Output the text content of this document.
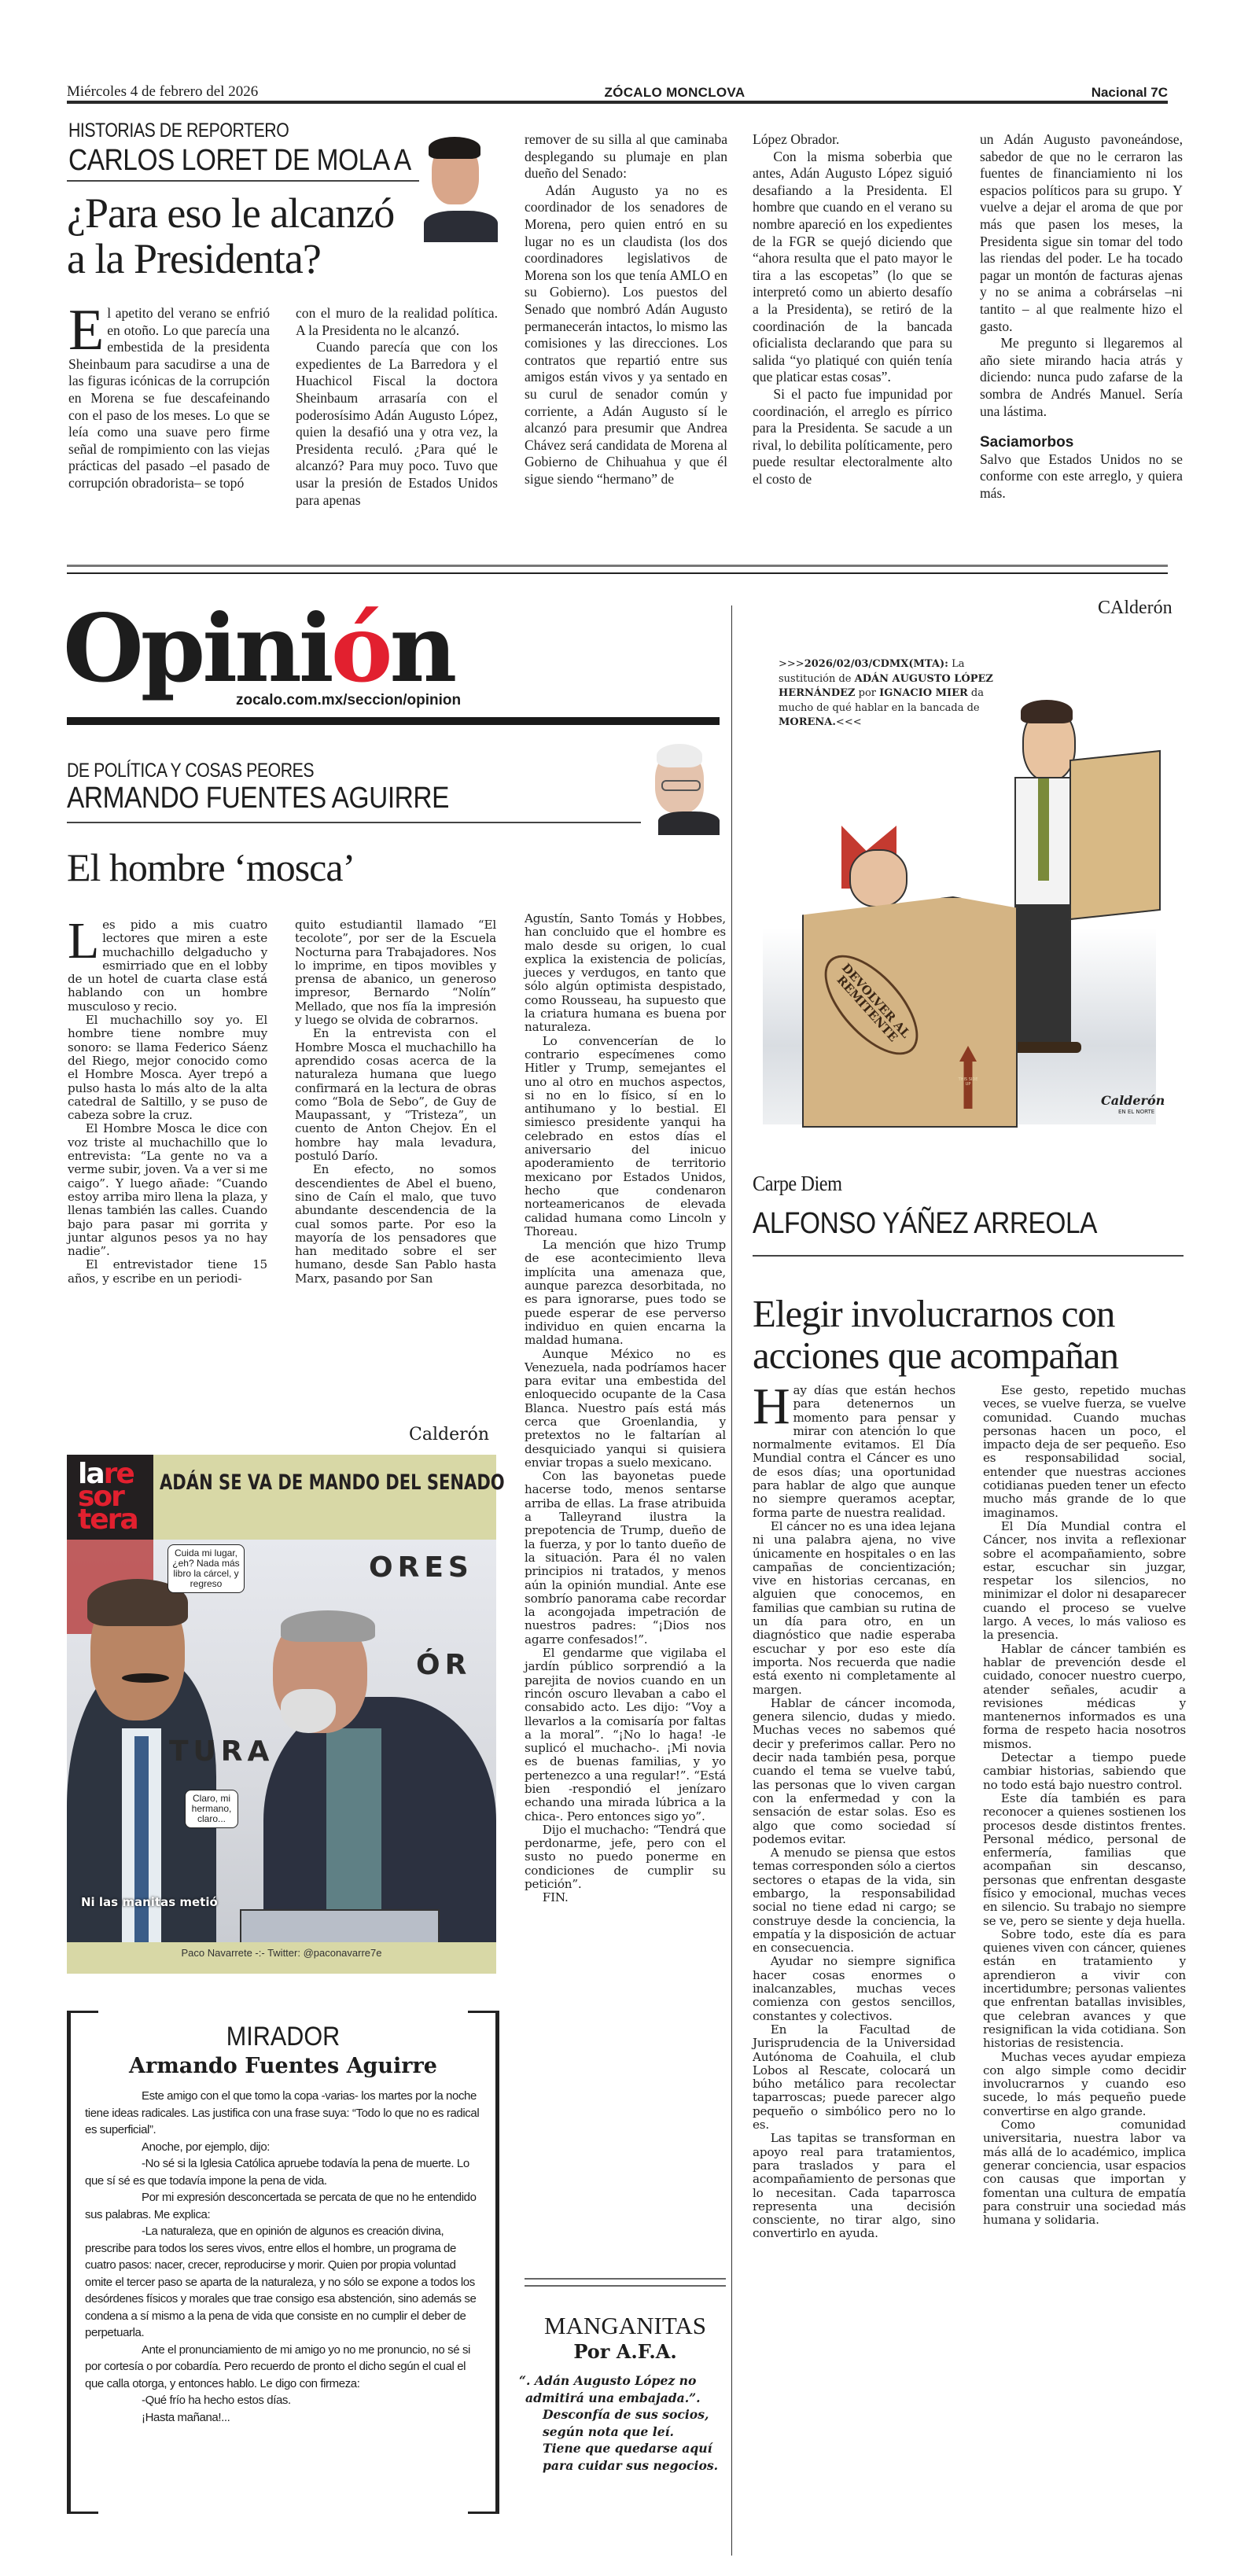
Miércoles 4 de febrero del 2026	ZÓCALO MONCLOVA	Nacional 7C
HISTORIAS DE REPORTERO
CARLOS LORET DE MOLA A
¿Para eso le alcanzó
a la Presidenta?

El apetito del verano se enfrió en otoño. Lo que parecía una embestida de la presidenta Sheinbaum para sacudirse a una de las figuras icónicas de la corrupción en Morena se fue descafeinando con el paso de los meses. Lo que se leía como una suave pero firme señal de rompimiento con las viejas prácticas del pasado –el pasado de corrupción obradorista– se topó

con el muro de la realidad política. A la Presidenta no le alcanzó.

Cuando parecía que con los expedientes de La Barredora y el Huachicol Fiscal la doctora Sheinbaum arrasaría con el poderosísimo Adán Augusto López, quien la desafió una y otra vez, la Presidenta reculó. ¿Para qué le alcanzó? Para muy poco. Tuvo que usar la presión de Estados Unidos para apenas

remover de su silla al que caminaba desplegando su plumaje en plan dueño del Senado:

Adán Augusto ya no es coordinador de los senadores de Morena, pero quien entró en su lugar no es un claudista (los dos coordinadores legislativos de Morena son los que tenía AMLO en su Gobierno). Los puestos del Senado que nombró Adán Augusto permanecerán intactos, lo mismo las comisiones y las direcciones. Los contratos que repartió entre sus amigos están vivos y ya sentado en su curul de senador común y corriente, a Adán Augusto sí le alcanzó para presumir que Andrea Chávez será candidata de Morena al Gobierno de Chihuahua y que él sigue siendo “hermano” de

López Obrador.

Con la misma soberbia que antes, Adán Augusto López siguió desafiando a la Presidenta. El hombre que cuando en el verano su nombre apareció en los expedientes de la FGR se quejó diciendo que “ahora resulta que el pato mayor le tira a las escopetas” (lo que se interpretó como un abierto desafío a la Presidenta), se retiró de la coordinación de la bancada oficialista declarando que para su salida “yo platiqué con quién tenía que platicar estas cosas”.

Si el pacto fue impunidad por coordinación, el arreglo es pírrico para la Presidenta. Se sacude a un rival, lo debilita políticamente, pero puede resultar electoralmente alto el costo de

un Adán Augusto pavoneándose, sabedor de que no le cerraron las fuentes de financiamiento ni los espacios políticos para su grupo. Y vuelve a dejar el aroma de que por más que pasen los meses, la Presidenta sigue sin tomar del todo las riendas del poder. Le ha tocado pagar un montón de facturas ajenas y no se anima a cobrárselas –ni tantito – al que realmente hizo el gasto.

Me pregunto si llegaremos al año siete mirando hacia atrás y diciendo: nunca pudo zafarse de la sombra de Andrés Manuel. Sería una lástima.

Saciamorbos

Salvo que Estados Unidos no se conforme con este arreglo, y quiera más.

Opinión
zocalo.com.mx/seccion/opinion
DE POLÍTICA Y COSAS PEORES
ARMANDO FUENTES AGUIRRE
El hombre ‘mosca’

Les pido a mis cuatro lectores que miren a este muchachillo delgaducho y esmirriado que en el lobby de un hotel de cuarta clase está hablando con un hombre musculoso y recio.

El muchachillo soy yo. El hombre tiene nombre muy sonoro: se llama Federico Sáenz del Riego, mejor conocido como el Hombre Mosca. Ayer trepó a pulso hasta lo más alto de la alta catedral de Saltillo, y se puso de cabeza sobre la cruz.

El Hombre Mosca le dice con voz triste al muchachillo que lo entrevista: “La gente no va a verme subir, joven. Va a ver si me caigo”. Y luego añade: “Cuando estoy arriba miro llena la plaza, y llenas también las calles. Cuando bajo para pasar mi gorrita y juntar algunos pesos ya no hay nadie”.

El entrevistador tiene 15 años, y escribe en un periodi-

quito estudiantil llamado “El tecolote”, por ser de la Escuela Nocturna para Trabajadores. Nos lo imprime, en tipos movibles y prensa de abanico, un generoso impresor, Bernardo “Nolín” Mellado, que nos fía la impresión y luego se olvida de cobrarnos.

En la entrevista con el Hombre Mosca el muchachillo ha aprendido cosas acerca de la naturaleza humana que luego confirmará en la lectura de obras como “Bola de Sebo”, de Guy de Maupassant, y “Tristeza”, un cuento de Anton Chejov. En el hombre hay mala levadura, postuló Darío.

En efecto, no somos descendientes de Abel el bueno, sino de Caín el malo, que tuvo abundante descendencia de la cual somos parte. Por eso la mayoría de los pensadores que han meditado sobre el ser humano, desde San Pablo hasta Marx, pasando por San

Agustín, Santo Tomás y Hobbes, han concluido que el hombre es malo desde su origen, lo cual explica la existencia de policías, jueces y verdugos, en tanto que sólo algún optimista despistado, como Rousseau, ha supuesto que la criatura humana es buena por naturaleza.

Lo convencerían de lo contrario especímenes como Hitler y Trump, semejantes el uno al otro en muchos aspectos, si no en lo físico, sí en lo antihumano y lo bestial. El simiesco presidente yanqui ha celebrado en estos días el aniversario del inicuo apoderamiento de territorio mexicano por Estados Unidos, hecho que condenaron norteamericanos de elevada calidad humana como Lincoln y Thoreau.

La mención que hizo Trump de ese acontecimiento lleva implícita una amenaza que, aunque parezca desorbitada, no es para ignorarse, pues todo se puede esperar de ese perverso individuo en quien encarna la maldad humana.

Aunque México no es Venezuela, nada podríamos hacer para evitar una embestida del enloquecido ocupante de la Casa Blanca. Nuestro país está más cerca que Groenlandia, y pretextos no le faltarían al desquiciado yanqui si quisiera enviar tropas a suelo mexicano.

Con las bayonetas puede hacerse todo, menos sentarse arriba de ellas. La frase atribuida a Talleyrand ilustra la prepotencia de Trump, dueño de la fuerza, y por lo tanto dueño de la situación. Para él no valen principios ni tratados, y menos aún la opinión mundial. Ante ese sombrío panorama cabe recordar la acongojada impetración de nuestros padres: “¡Dios nos agarre confesados!”.

El gendarme que vigilaba el jardín público sorprendió a la parejita de novios cuando en un rincón oscuro llevaban a cabo el consabido acto. Les dijo: “Voy a llevarlos a la comisaría por faltas a la moral”. “¡No lo haga! -le suplicó el muchacho-. ¡Mi novia es de buenas familias, y yo pertenezco a una regular!”. “Está bien -respondió el jenízaro echando una mirada lúbrica a la chica-. Pero entonces sigo yo”.

Dijo el muchacho: “Tendrá que perdonarme, jefe, pero con el susto no puedo ponerme en condiciones de cumplir su petición”.

FIN.

Calderón
lare
sor
tera
ADÁN SE VA DE MANDO DEL SENADO
ORES
TURA
ÓR
Cuida mi lugar, ¿eh? Nada más libro la cárcel, y regreso
Claro, mi hermano, claro...
Ni las manitas metió
Paco Navarrete -:- Twitter: @paconavarre7e
MIRADOR
Armando Fuentes Aguirre

Este amigo con el que tomo la copa -varias- los martes por la noche tiene ideas radicales. Las justifica con una frase suya: “Todo lo que no es radical es superficial”.

Anoche, por ejemplo, dijo:

-No sé si la Iglesia Católica apruebe todavía la pena de muerte. Lo que sí sé es que todavía impone la pena de vida.

Por mi expresión desconcertada se percata de que no he entendido sus palabras. Me explica:

-La naturaleza, que en opinión de algunos es creación divina, prescribe para todos los seres vivos, entre ellos el hombre, un programa de cuatro pasos: nacer, crecer, reproducirse y morir. Quien por propia voluntad omite el tercer paso se aparta de la naturaleza, y no sólo se expone a todos los desórdenes físicos y morales que trae consigo esa abstención, sino además se condena a sí mismo a la pena de vida que consiste en no cumplir el deber de perpetuarla.

Ante el pronunciamiento de mi amigo yo no me pronuncio, no sé si por cortesía o por cobardía. Pero recuerdo de pronto el dicho según el cual el que calla otorga, y entonces hablo. Le digo con firmeza:

-Qué frío ha hecho estos días.

¡Hasta mañana!...

MANGANITAS
Por A.F.A.

“. Adán Augusto López no admitirá una embajada.”.

Desconfía de sus socios,

según nota que leí.

Tiene que quedarse aquí

para cuidar sus negocios.

CAlderón
>>>2026/02/03/CDMX(MTA): La sustitución de ADÁN AUGUSTO LÓPEZ HERNÁNDEZ por IGNACIO MIER da mucho de qué hablar en la bancada de MORENA.<<<
DEVOLVER AL REMITENTE
THIS SIDE UP
Calderón
EN EL NORTE
Carpe Diem
ALFONSO YÁÑEZ ARREOLA
Elegir involucrarnos con
acciones que acompañan

Hay días que están hechos para detenernos un momento para pensar y mirar con atención lo que normalmente evitamos. El Día Mundial contra el Cáncer es uno de esos días; una oportunidad para hablar de algo que aunque no siempre queramos aceptar, forma parte de nuestra realidad.

El cáncer no es una idea lejana ni una palabra ajena, no vive únicamente en hospitales o en las campañas de concientización; vive en historias cercanas, en alguien que conocemos, en familias que cambian su rutina de un día para otro, en un diagnóstico que nadie esperaba escuchar y por eso este día importa. Nos recuerda que nadie está exento ni completamente al margen.

Hablar de cáncer incomoda, genera silencio, dudas y miedo. Muchas veces no sabemos qué decir y preferimos callar. Pero no decir nada también pesa, porque cuando el tema se vuelve tabú, las personas que lo viven cargan con la enfermedad y con la sensación de estar solas. Eso es algo que como sociedad sí podemos evitar.

A menudo se piensa que estos temas corresponden sólo a ciertos sectores o etapas de la vida, sin embargo, la responsabilidad social no tiene edad ni cargo; se construye desde la conciencia, la empatía y la disposición de actuar en consecuencia.

Ayudar no siempre significa hacer cosas enormes o inalcanzables, muchas veces comienza con gestos sencillos, constantes y colectivos.

En la Facultad de Jurisprudencia de la Universidad Autónoma de Coahuila, el club Lobos al Rescate, colocará un búho metálico para recolectar taparroscas; puede parecer algo pequeño o simbólico pero no lo es.

Las tapitas se transforman en apoyo real para tratamientos, para traslados y para el acompañamiento de personas que lo necesitan. Cada taparrosca representa una decisión consciente, no tirar algo, sino convertirlo en ayuda.

Ese gesto, repetido muchas veces, se vuelve fuerza, se vuelve comunidad. Cuando muchas personas hacen un poco, el impacto deja de ser pequeño. Eso es responsabilidad social, entender que nuestras acciones cotidianas pueden tener un efecto mucho más grande de lo que imaginamos.

El Día Mundial contra el Cáncer, nos invita a reflexionar sobre el acompañamiento, sobre estar, escuchar sin juzgar, respetar los silencios, no minimizar el dolor ni desaparecer cuando el proceso se vuelve largo. A veces, lo más valioso es la presencia.

Hablar de cáncer también es hablar de prevención desde el cuidado, conocer nuestro cuerpo, atender señales, acudir a revisiones médicas y mantenernos informados es una forma de respeto hacia nosotros mismos.

Detectar a tiempo puede cambiar historias, sabiendo que no todo está bajo nuestro control.

Este día también es para reconocer a quienes sostienen los procesos desde distintos frentes. Personal médico, personal de enfermería, familias que acompañan sin descanso, personas que enfrentan desgaste físico y emocional, muchas veces en silencio. Su trabajo no siempre se ve, pero se siente y deja huella.

Sobre todo, este día es para quienes viven con cáncer, quienes están en tratamiento y aprendieron a vivir con incertidumbre; personas valientes que enfrentan batallas invisibles, que celebran avances y que resignifican la vida cotidiana. Son historias de resistencia.

Muchas veces ayudar empieza con algo simple como decidir involucrarnos y cuando eso sucede, lo más pequeño puede convertirse en algo grande.

Como comunidad universitaria, nuestra labor va más allá de lo académico, implica generar conciencia, usar espacios con causas que importan y fomentan una cultura de empatía para construir una sociedad más humana y solidaria.
